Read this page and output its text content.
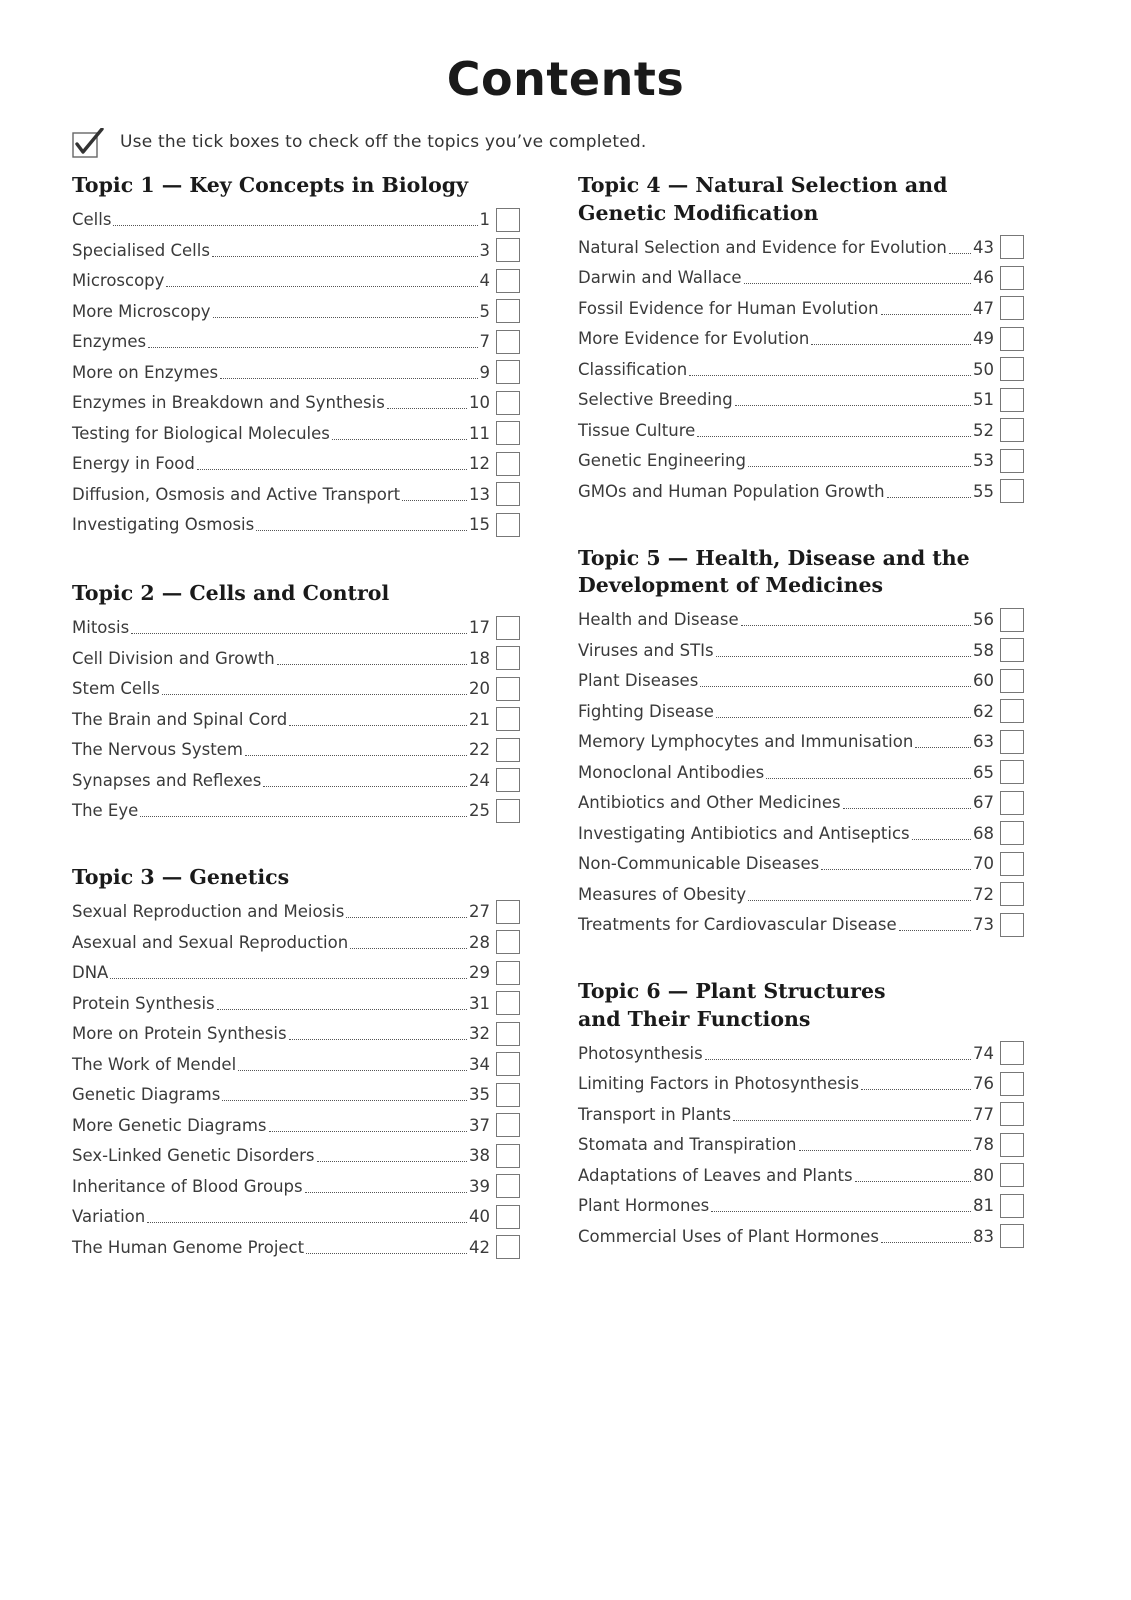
Contents
Use the tick boxes to check off the topics you’ve completed.
Topic 1 — Key Concepts in Biology
Cells	1
Specialised Cells	3
Microscopy	4
More Microscopy	5
Enzymes	7
More on Enzymes	9
Enzymes in Breakdown and Synthesis	10
Testing for Biological Molecules	11
Energy in Food	12
Diffusion, Osmosis and Active Transport	13
Investigating Osmosis	15
Topic 2 — Cells and Control
Mitosis	17
Cell Division and Growth	18
Stem Cells	20
The Brain and Spinal Cord	21
The Nervous System	22
Synapses and Reflexes	24
The Eye	25
Topic 3 — Genetics
Sexual Reproduction and Meiosis	27
Asexual and Sexual Reproduction	28
DNA	29
Protein Synthesis	31
More on Protein Synthesis	32
The Work of Mendel	34
Genetic Diagrams	35
More Genetic Diagrams	37
Sex-Linked Genetic Disorders	38
Inheritance of Blood Groups	39
Variation	40
The Human Genome Project	42
Topic 4 — Natural Selection and
Genetic Modification
Natural Selection and Evidence for Evolution 43
Darwin and Wallace	46
Fossil Evidence for Human Evolution	47
More Evidence for Evolution	49
Classification	50
Selective Breeding	51
Tissue Culture	52
Genetic Engineering	53
GMOs and Human Population Growth	55
Topic 5 — Health, Disease and the
Development of Medicines
Health and Disease	56
Viruses and STIs	58
Plant Diseases	60
Fighting Disease	62
Memory Lymphocytes and Immunisation	63
Monoclonal Antibodies	65
Antibiotics and Other Medicines	67
Investigating Antibiotics and Antiseptics	68
Non-Communicable Diseases	70
Measures of Obesity	72
Treatments for Cardiovascular Disease	73
Topic 6 — Plant Structures
and Their Functions
Photosynthesis	74
Limiting Factors in Photosynthesis	76
Transport in Plants	77
Stomata and Transpiration	78
Adaptations of Leaves and Plants	80
Plant Hormones	81
Commercial Uses of Plant Hormones	83
